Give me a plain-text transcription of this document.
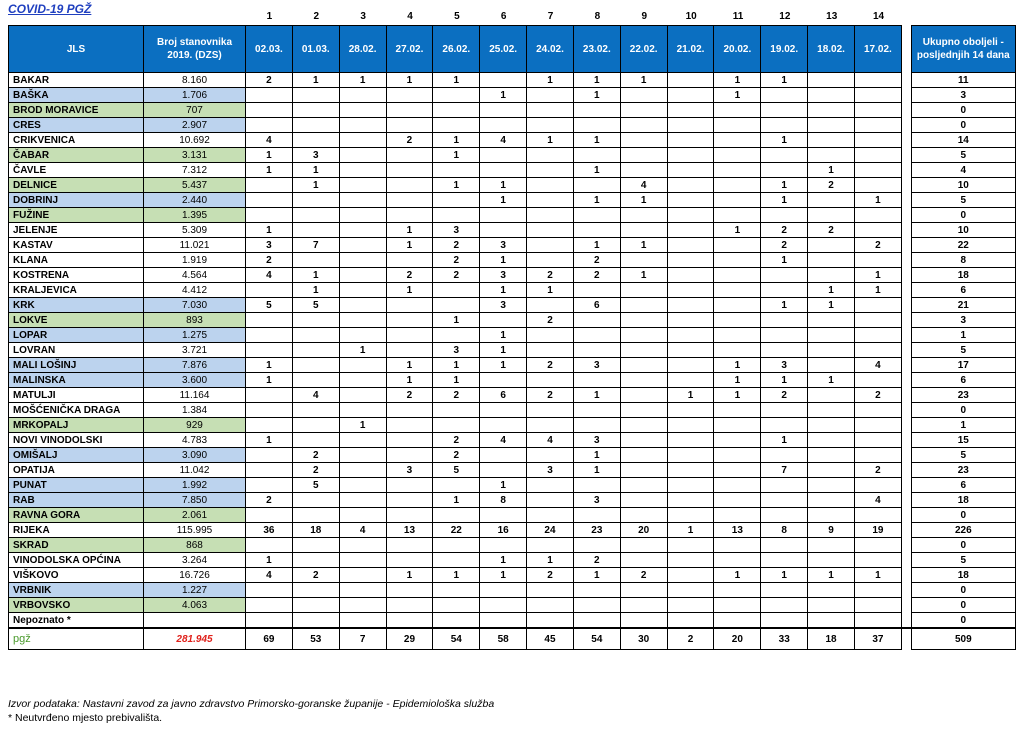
COVID-19 PGŽ
1	2	3	4	5	6	7	8	9	10	11	12	13	14
JLS	Broj stanovnika 2019. (DZS)	02.03.	01.03.	28.02.	27.02.	26.02.	25.02.	24.02.	23.02.	22.02.	21.02.	20.02.	19.02.	18.02.	17.02.		Ukupno oboljeli - posljednjih 14 dana
BAKAR	8.160	2	1	1	1	1		1	1	1		1	1				11
BAŠKA	1.706						1		1			1					3
BROD MORAVICE	707																0
CRES	2.907																0
CRIKVENICA	10.692	4			2	1	4	1	1				1				14
ČABAR	3.131	1	3			1											5
ČAVLE	7.312	1	1						1					1			4
DELNICE	5.437		1			1	1			4			1	2			10
DOBRINJ	2.440						1		1	1			1		1		5
FUŽINE	1.395																0
JELENJE	5.309	1			1	3						1	2	2			10
KASTAV	11.021	3	7		1	2	3		1	1			2		2		22
KLANA	1.919	2				2	1		2				1				8
KOSTRENA	4.564	4	1		2	2	3	2	2	1					1		18
KRALJEVICA	4.412		1		1		1	1						1	1		6
KRK	7.030	5	5				3		6				1	1			21
LOKVE	893					1		2									3
LOPAR	1.275						1										1
LOVRAN	3.721			1		3	1										5
MALI LOŠINJ	7.876	1			1	1	1	2	3			1	3		4		17
MALINSKA	3.600	1			1	1						1	1	1			6
MATULJI	11.164		4		2	2	6	2	1		1	1	2		2		23
MOŠĆENIČKA DRAGA	1.384																0
MRKOPALJ	929			1													1
NOVI VINODOLSKI	4.783	1				2	4	4	3				1				15
OMIŠALJ	3.090		2			2			1								5
OPATIJA	11.042		2		3	5		3	1				7		2		23
PUNAT	1.992		5				1										6
RAB	7.850	2				1	8		3						4		18
RAVNA GORA	2.061																0
RIJEKA	115.995	36	18	4	13	22	16	24	23	20	1	13	8	9	19		226
SKRAD	868																0
VINODOLSKA OPĆINA	3.264	1					1	1	2								5
VIŠKOVO	16.726	4	2		1	1	1	2	1	2		1	1	1	1		18
VRBNIK	1.227																0
VRBOVSKO	4.063																0
Nepoznato *																	0
pgž	281.945	69	53	7	29	54	58	45	54	30	2	20	33	18	37		509
Izvor podataka: Nastavni zavod za javno zdravstvo Primorsko-goranske županije - Epidemiološka služba
* Neutvrđeno mjesto prebivališta.
